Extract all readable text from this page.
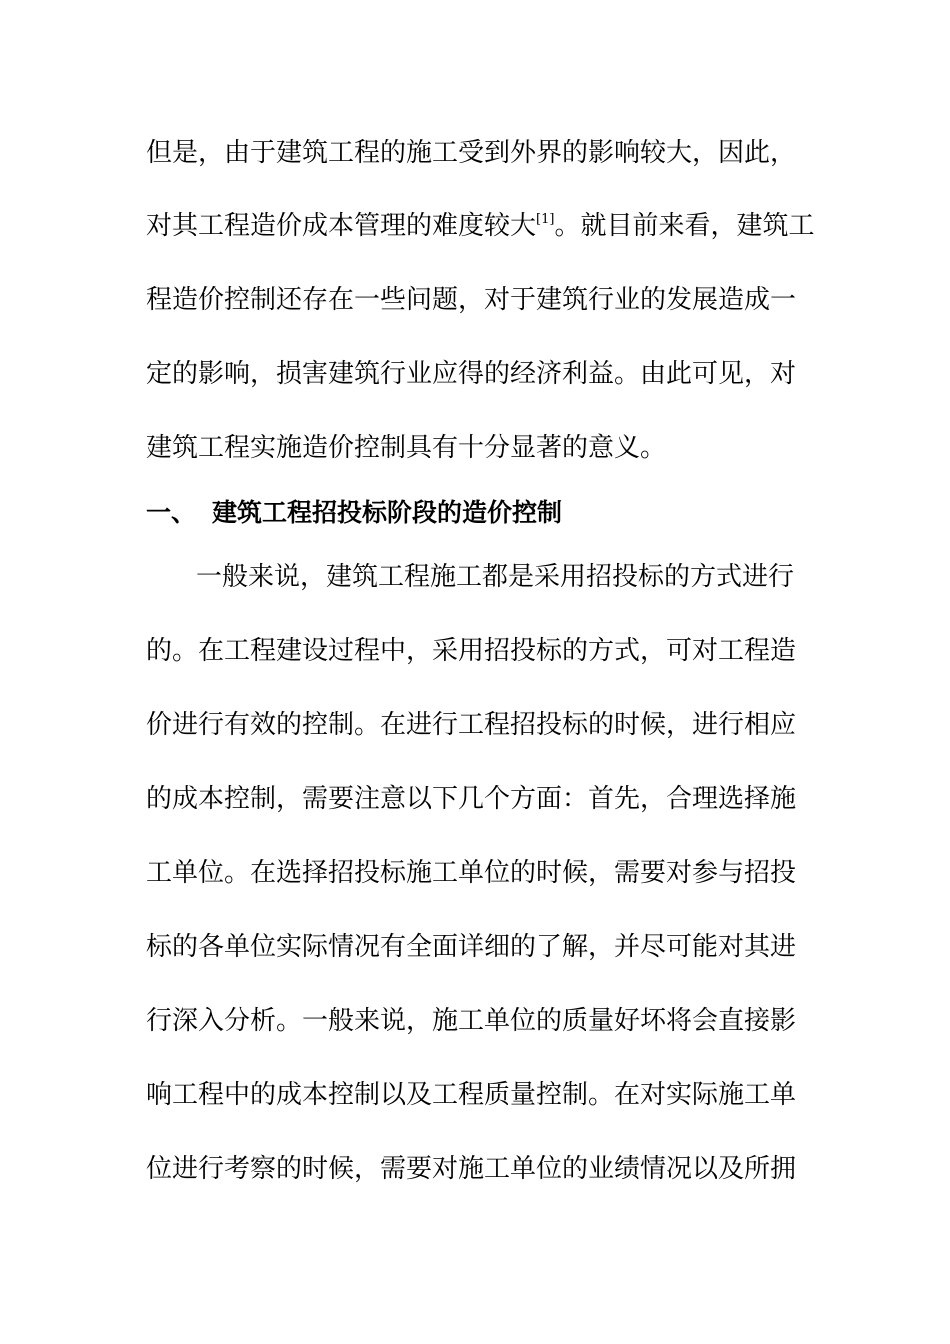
但是，由于建筑工程的施工受到外界的影响较大，因此，
对其工程造价成本管理的难度较大[1]。就目前来看，建筑工
程造价控制还存在一些问题，对于建筑行业的发展造成一
定的影响，损害建筑行业应得的经济利益。由此可见，对
建筑工程实施造价控制具有十分显著的意义。
一、 建筑工程招投标阶段的造价控制
一般来说，建筑工程施工都是采用招投标的方式进行
的。在工程建设过程中，采用招投标的方式，可对工程造
价进行有效的控制。在进行工程招投标的时候，进行相应
的成本控制，需要注意以下几个方面：首先，合理选择施
工单位。在选择招投标施工单位的时候，需要对参与招投
标的各单位实际情况有全面详细的了解，并尽可能对其进
行深入分析。一般来说，施工单位的质量好坏将会直接影
响工程中的成本控制以及工程质量控制。在对实际施工单
位进行考察的时候，需要对施工单位的业绩情况以及所拥
